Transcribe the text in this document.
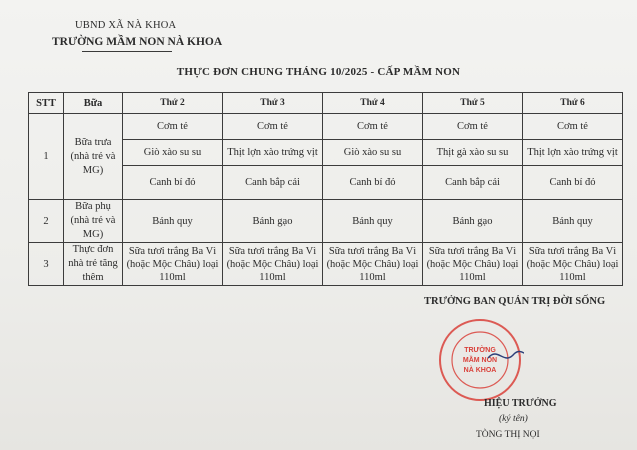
UBND XÃ NÀ KHOA
TRƯỜNG MẦM NON NÀ KHOA
THỰC ĐƠN CHUNG THÁNG 10/2025 - CẤP MẦM NON
STT	Bữa	Thứ 2	Thứ 3	Thứ 4	Thứ 5	Thứ 6
1	Bữa trưa (nhà trẻ và MG)	Cơm tẻ	Cơm tẻ	Cơm tẻ	Cơm tẻ	Cơm tẻ
		Giò xào su su	Thịt lợn xào trứng vịt	Giò xào su su	Thịt gà xào su su	Thịt lợn xào trứng vịt
		Canh bí đỏ	Canh bắp cải	Canh bí đỏ	Canh bắp cải	Canh bí đỏ
2	Bữa phụ (nhà trẻ và MG)	Bánh quy	Bánh gạo	Bánh quy	Bánh gạo	Bánh quy
3	Thực đơn nhà trẻ tăng thêm	Sữa tươi trắng Ba Vì (hoặc Mộc Châu) loại 110ml	Sữa tươi trắng Ba Vì (hoặc Mộc Châu) loại 110ml	Sữa tươi trắng Ba Vì (hoặc Mộc Châu) loại 110ml	Sữa tươi trắng Ba Vì (hoặc Mộc Châu) loại 110ml	Sữa tươi trắng Ba Vì (hoặc Mộc Châu) loại 110ml
TRƯỞNG BAN QUẢN TRỊ ĐỜI SỐNG
TRƯỜNG
MẦM NON
NÀ KHOA
HIỆU TRƯỞNG
(ký tên)
TÒNG THỊ NỌI
